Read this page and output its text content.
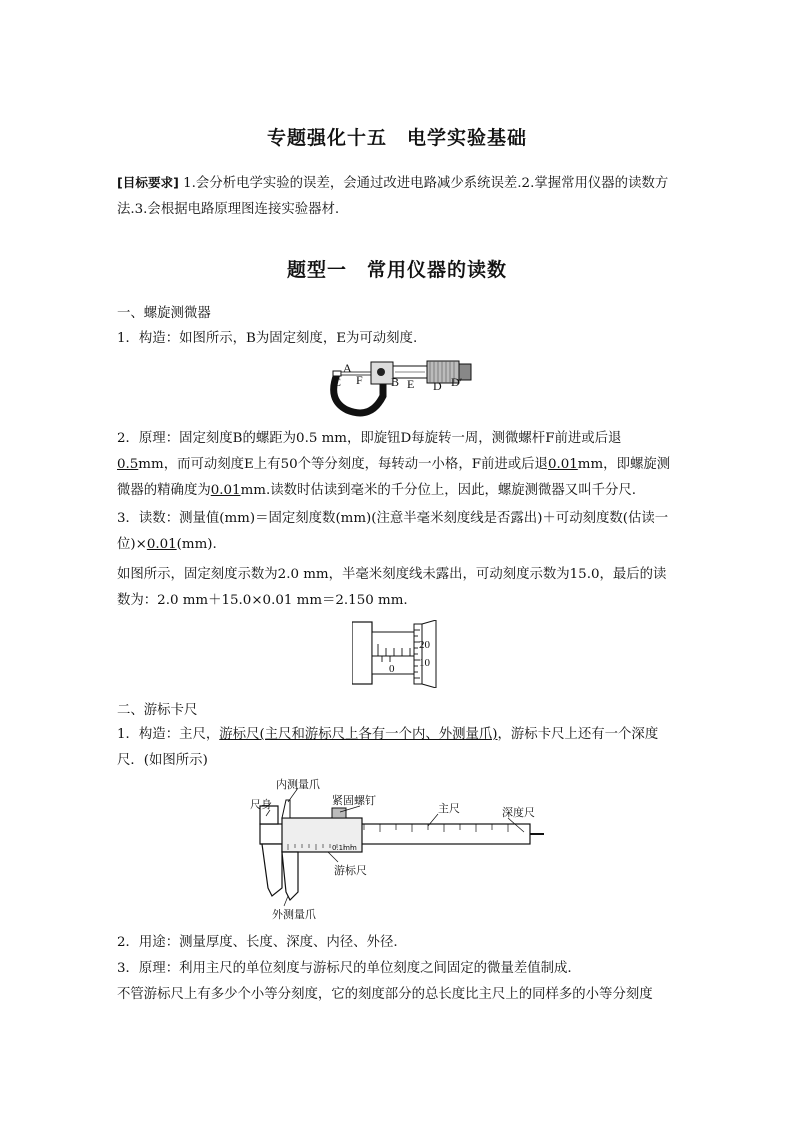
专题强化十五　电学实验基础
[目标要求] 1.会分析电学实验的误差，会通过改进电路减少系统误差.2.掌握常用仪器的读数方法.3.会根据电路原理图连接实验器材.
题型一　常用仪器的读数
一、螺旋测微器
1．构造：如图所示，B为固定刻度，E为可动刻度.
A
C F B E D D′
2．原理：固定刻度B的螺距为0.5 mm，即旋钮D每旋转一周，测微螺杆F前进或后退0.5mm，而可动刻度E上有50个等分刻度，每转动一小格，F前进或后退0.01mm，即螺旋测微器的精确度为0.01mm.读数时估读到毫米的千分位上，因此，螺旋测微器又叫千分尺.
3．读数：测量值(mm)＝固定刻度数(mm)(注意半毫米刻度线是否露出)＋可动刻度数(估读一位)×0.01(mm).
如图所示，固定刻度示数为2.0 mm，半毫米刻度线未露出，可动刻度示数为15.0，最后的读数为：2.0 mm＋15.0×0.01 mm＝2.150 mm.
20
10
0
二、游标卡尺
1．构造：主尺，游标尺(主尺和游标尺上各有一个内、外测量爪)，游标卡尺上还有一个深度尺．(如图所示)
0.1mm
内测量爪
尺身	紧固螺钉
主尺	深度尺
游标尺
外测量爪
2．用途：测量厚度、长度、深度、内径、外径.
3．原理：利用主尺的单位刻度与游标尺的单位刻度之间固定的微量差值制成.
不管游标尺上有多少个小等分刻度，它的刻度部分的总长度比主尺上的同样多的小等分刻度
